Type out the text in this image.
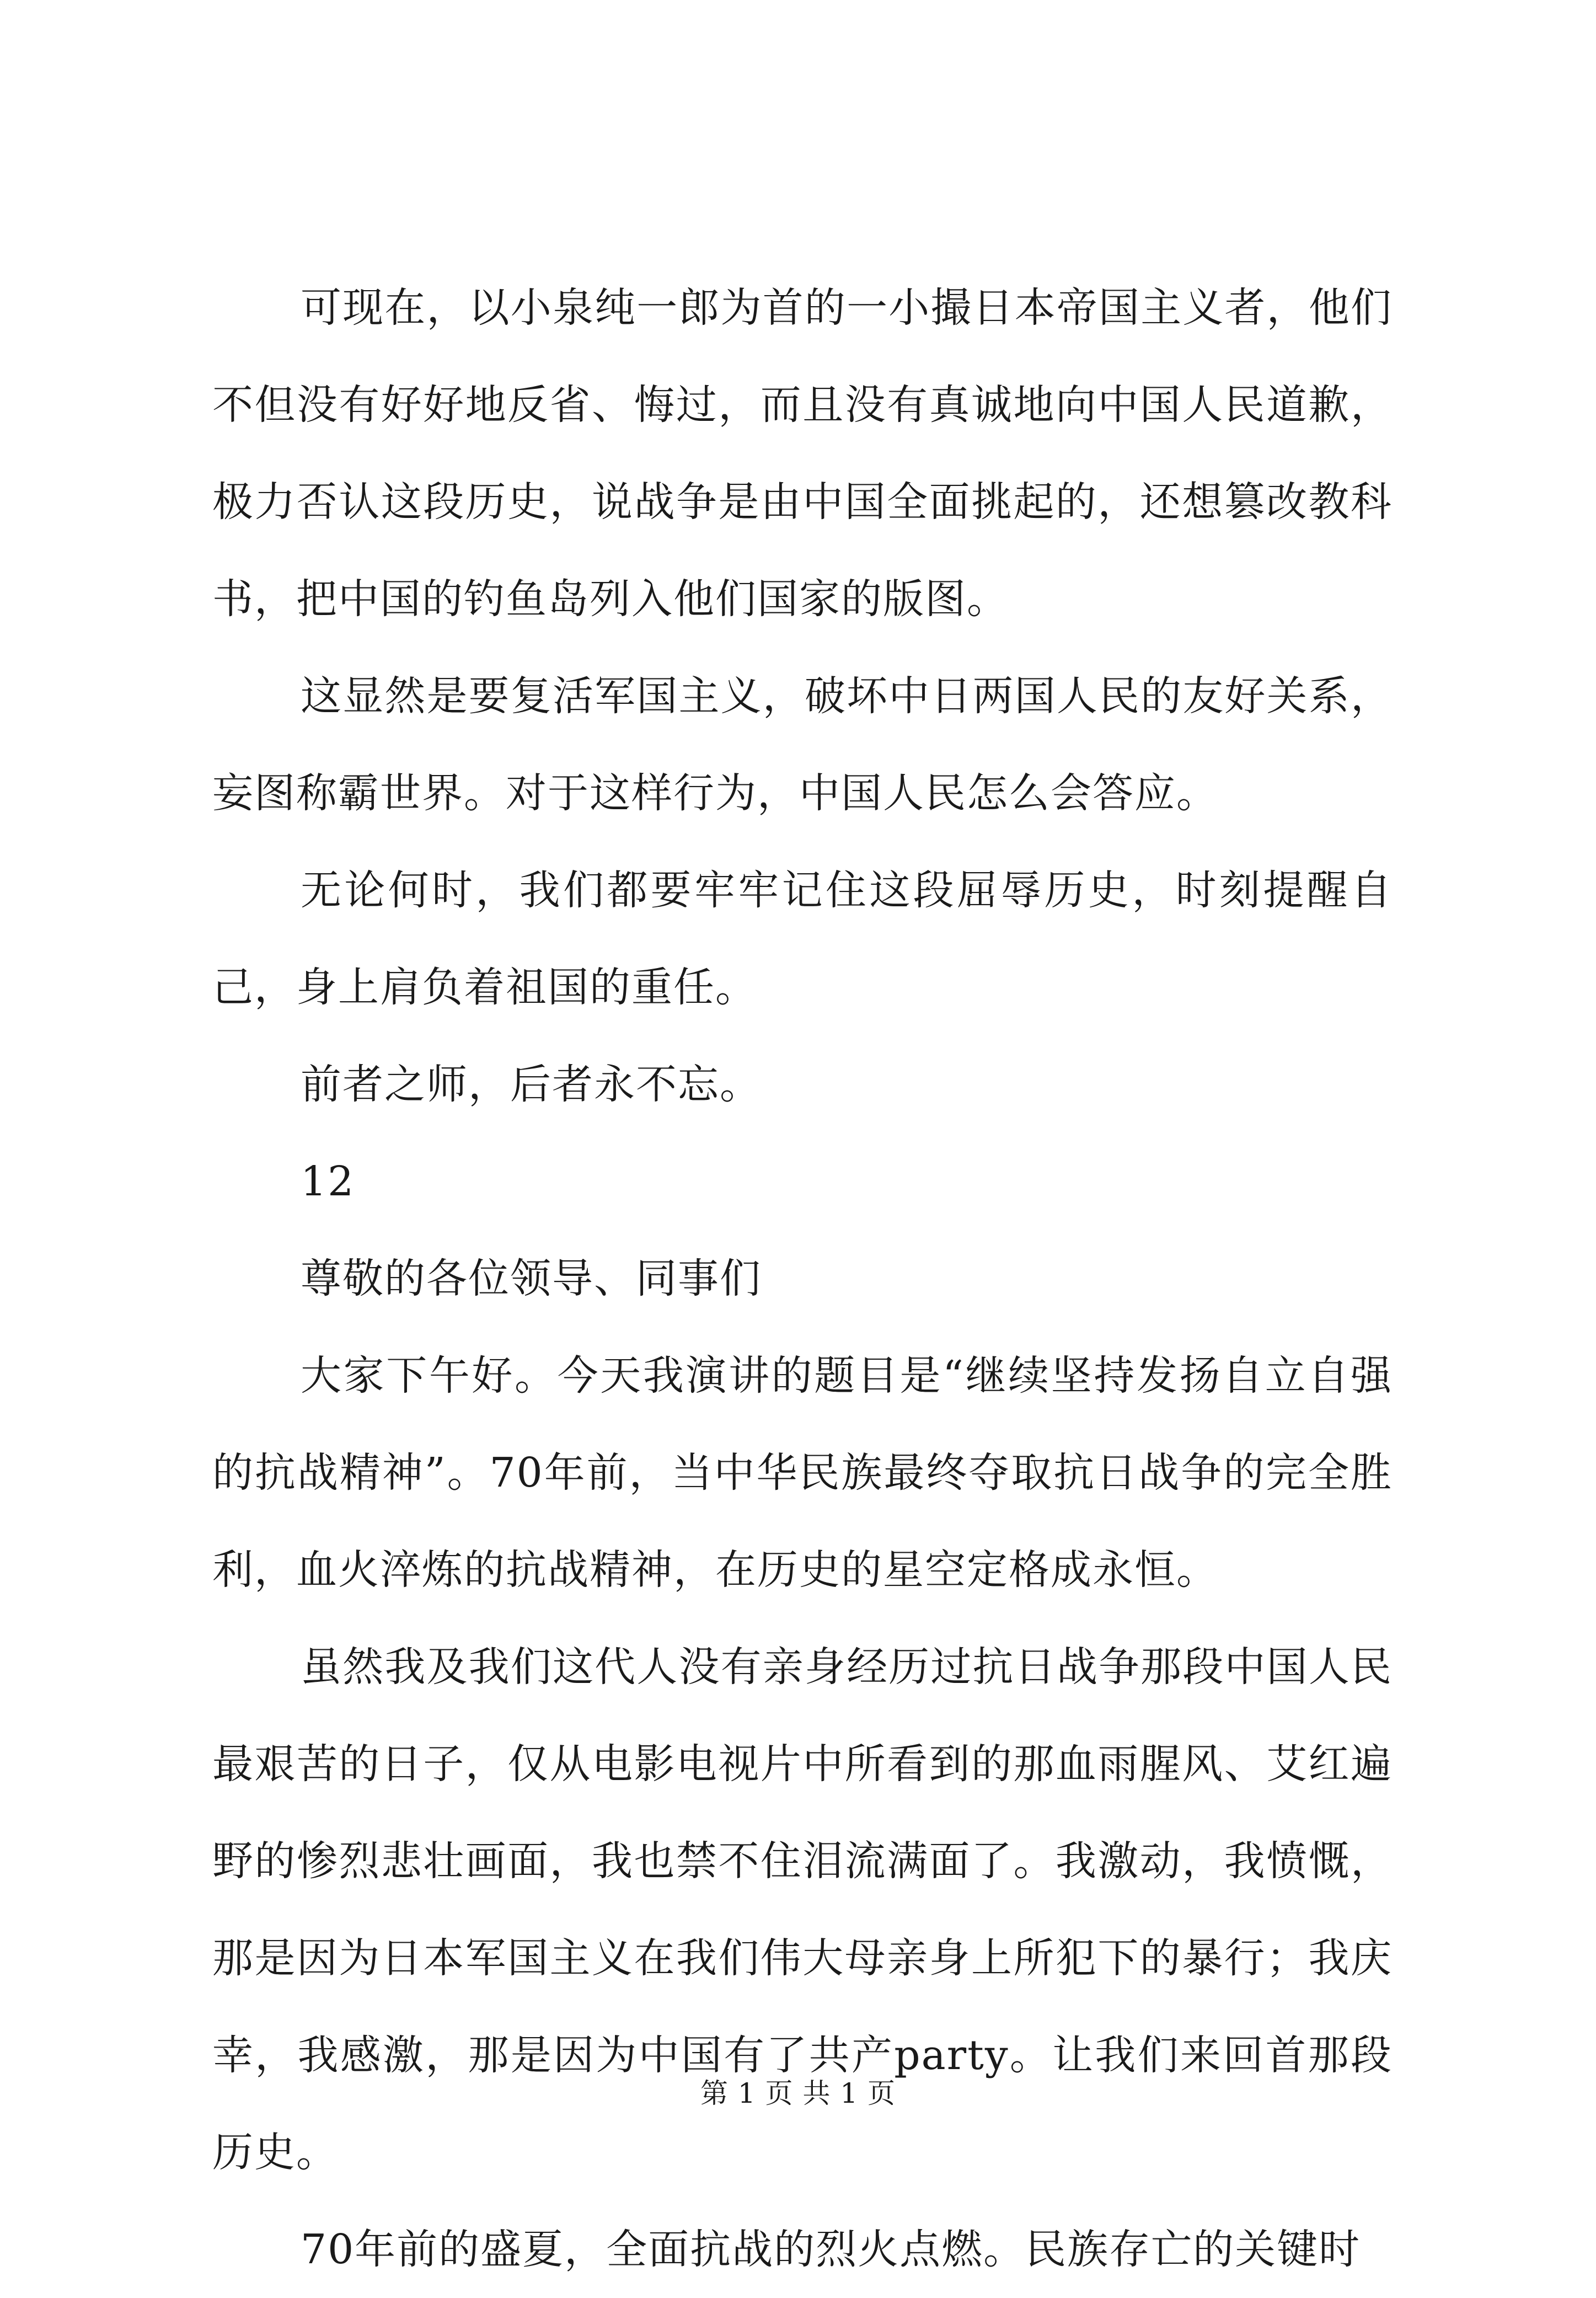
可现在，以小泉纯一郎为首的一小撮日本帝国主义者，他们不但没有好好地反省、悔过，而且没有真诚地向中国人民道歉，极力否认这段历史，说战争是由中国全面挑起的，还想篡改教科书，把中国的钓鱼岛列入他们国家的版图。

这显然是要复活军国主义，破坏中日两国人民的友好关系，妄图称霸世界。对于这样行为，中国人民怎么会答应。

无论何时，我们都要牢牢记住这段屈辱历史，时刻提醒自己，身上肩负着祖国的重任。

前者之师，后者永不忘。

12

尊敬的各位领导、同事们

大家下午好。今天我演讲的题目是“继续坚持发扬自立自强的抗战精神”。70年前，当中华民族最终夺取抗日战争的完全胜利，血火淬炼的抗战精神，在历史的星空定格成永恒。

虽然我及我们这代人没有亲身经历过抗日战争那段中国人民最艰苦的日子，仅从电影电视片中所看到的那血雨腥风、艾红遍野的惨烈悲壮画面，我也禁不住泪流满面了。我激动，我愤慨，那是因为日本军国主义在我们伟大母亲身上所犯下的暴行；我庆幸，我感激，那是因为中国有了共产party。让我们来回首那段历史。

70年前的盛夏，全面抗战的烈火点燃。民族存亡的关键时

第 1 页 共 1 页
